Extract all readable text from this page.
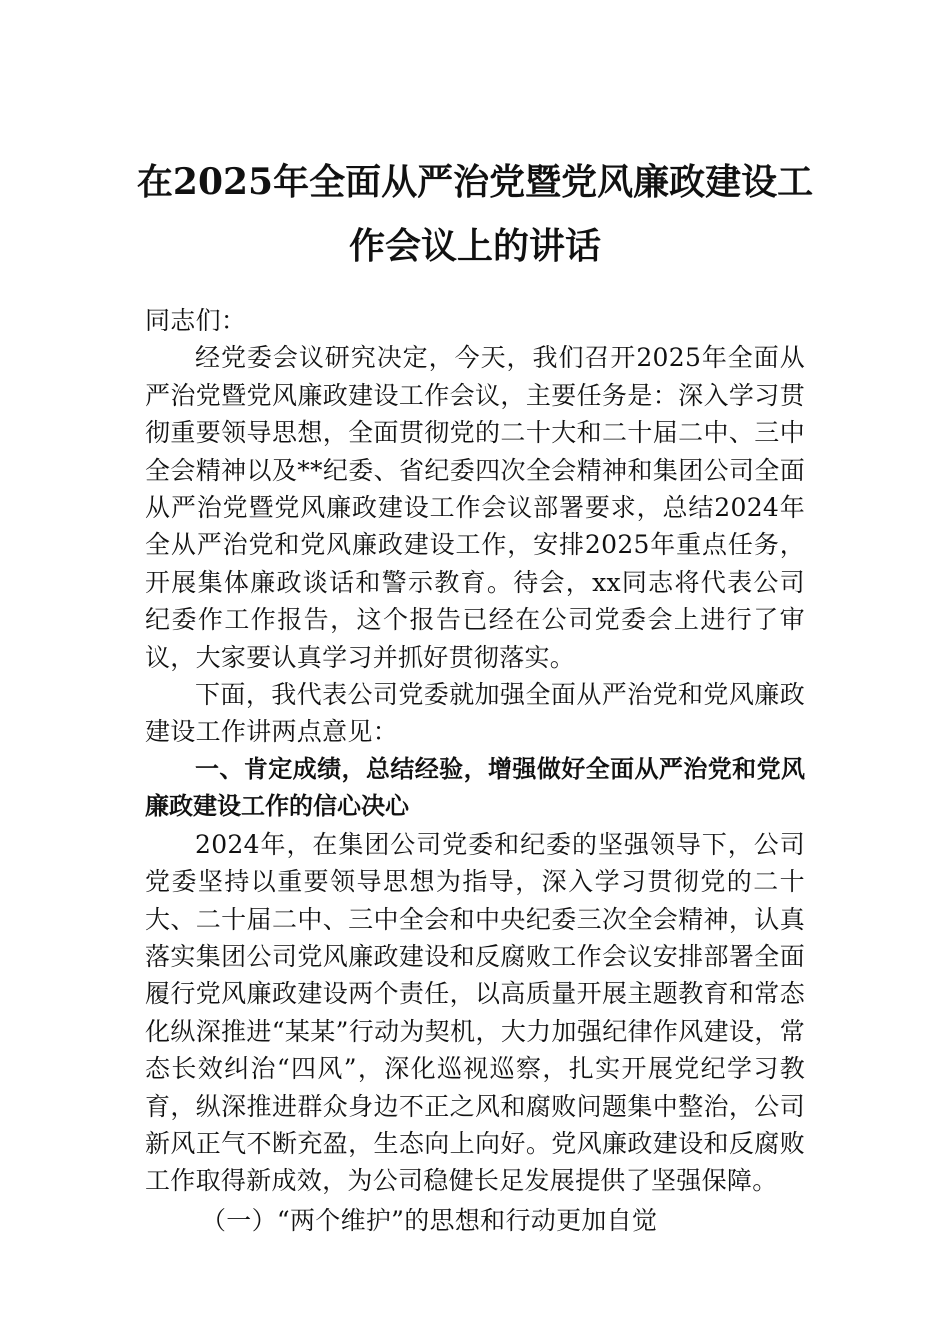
在2025年全面从严治党暨党风廉政建设工
作会议上的讲话

同志们：

经党委会议研究决定，今天，我们召开2025年全面从严治党暨党风廉政建设工作会议，主要任务是：深入学习贯彻重要领导思想，全面贯彻党的二十大和二十届二中、三中全会精神以及**纪委、省纪委四次全会精神和集团公司全面从严治党暨党风廉政建设工作会议部署要求，总结2024年全从严治党和党风廉政建设工作，安排2025年重点任务，开展集体廉政谈话和警示教育。待会，xx同志将代表公司纪委作工作报告，这个报告已经在公司党委会上进行了审议，大家要认真学习并抓好贯彻落实。

下面，我代表公司党委就加强全面从严治党和党风廉政建设工作讲两点意见：

一、肯定成绩，总结经验，增强做好全面从严治党和党风廉政建设工作的信心决心

2024年，在集团公司党委和纪委的坚强领导下，公司党委坚持以重要领导思想为指导，深入学习贯彻党的二十大、二十届二中、三中全会和中央纪委三次全会精神，认真落实集团公司党风廉政建设和反腐败工作会议安排部署全面履行党风廉政建设两个责任，以高质量开展主题教育和常态化纵深推进“某某”行动为契机，大力加强纪律作风建设，常态长效纠治“四风”，深化巡视巡察，扎实开展党纪学习教育，纵深推进群众身边不正之风和腐败问题集中整治，公司新风正气不断充盈，生态向上向好。党风廉政建设和反腐败工作取得新成效，为公司稳健长足发展提供了坚强保障。

（一）“两个维护”的思想和行动更加自觉
